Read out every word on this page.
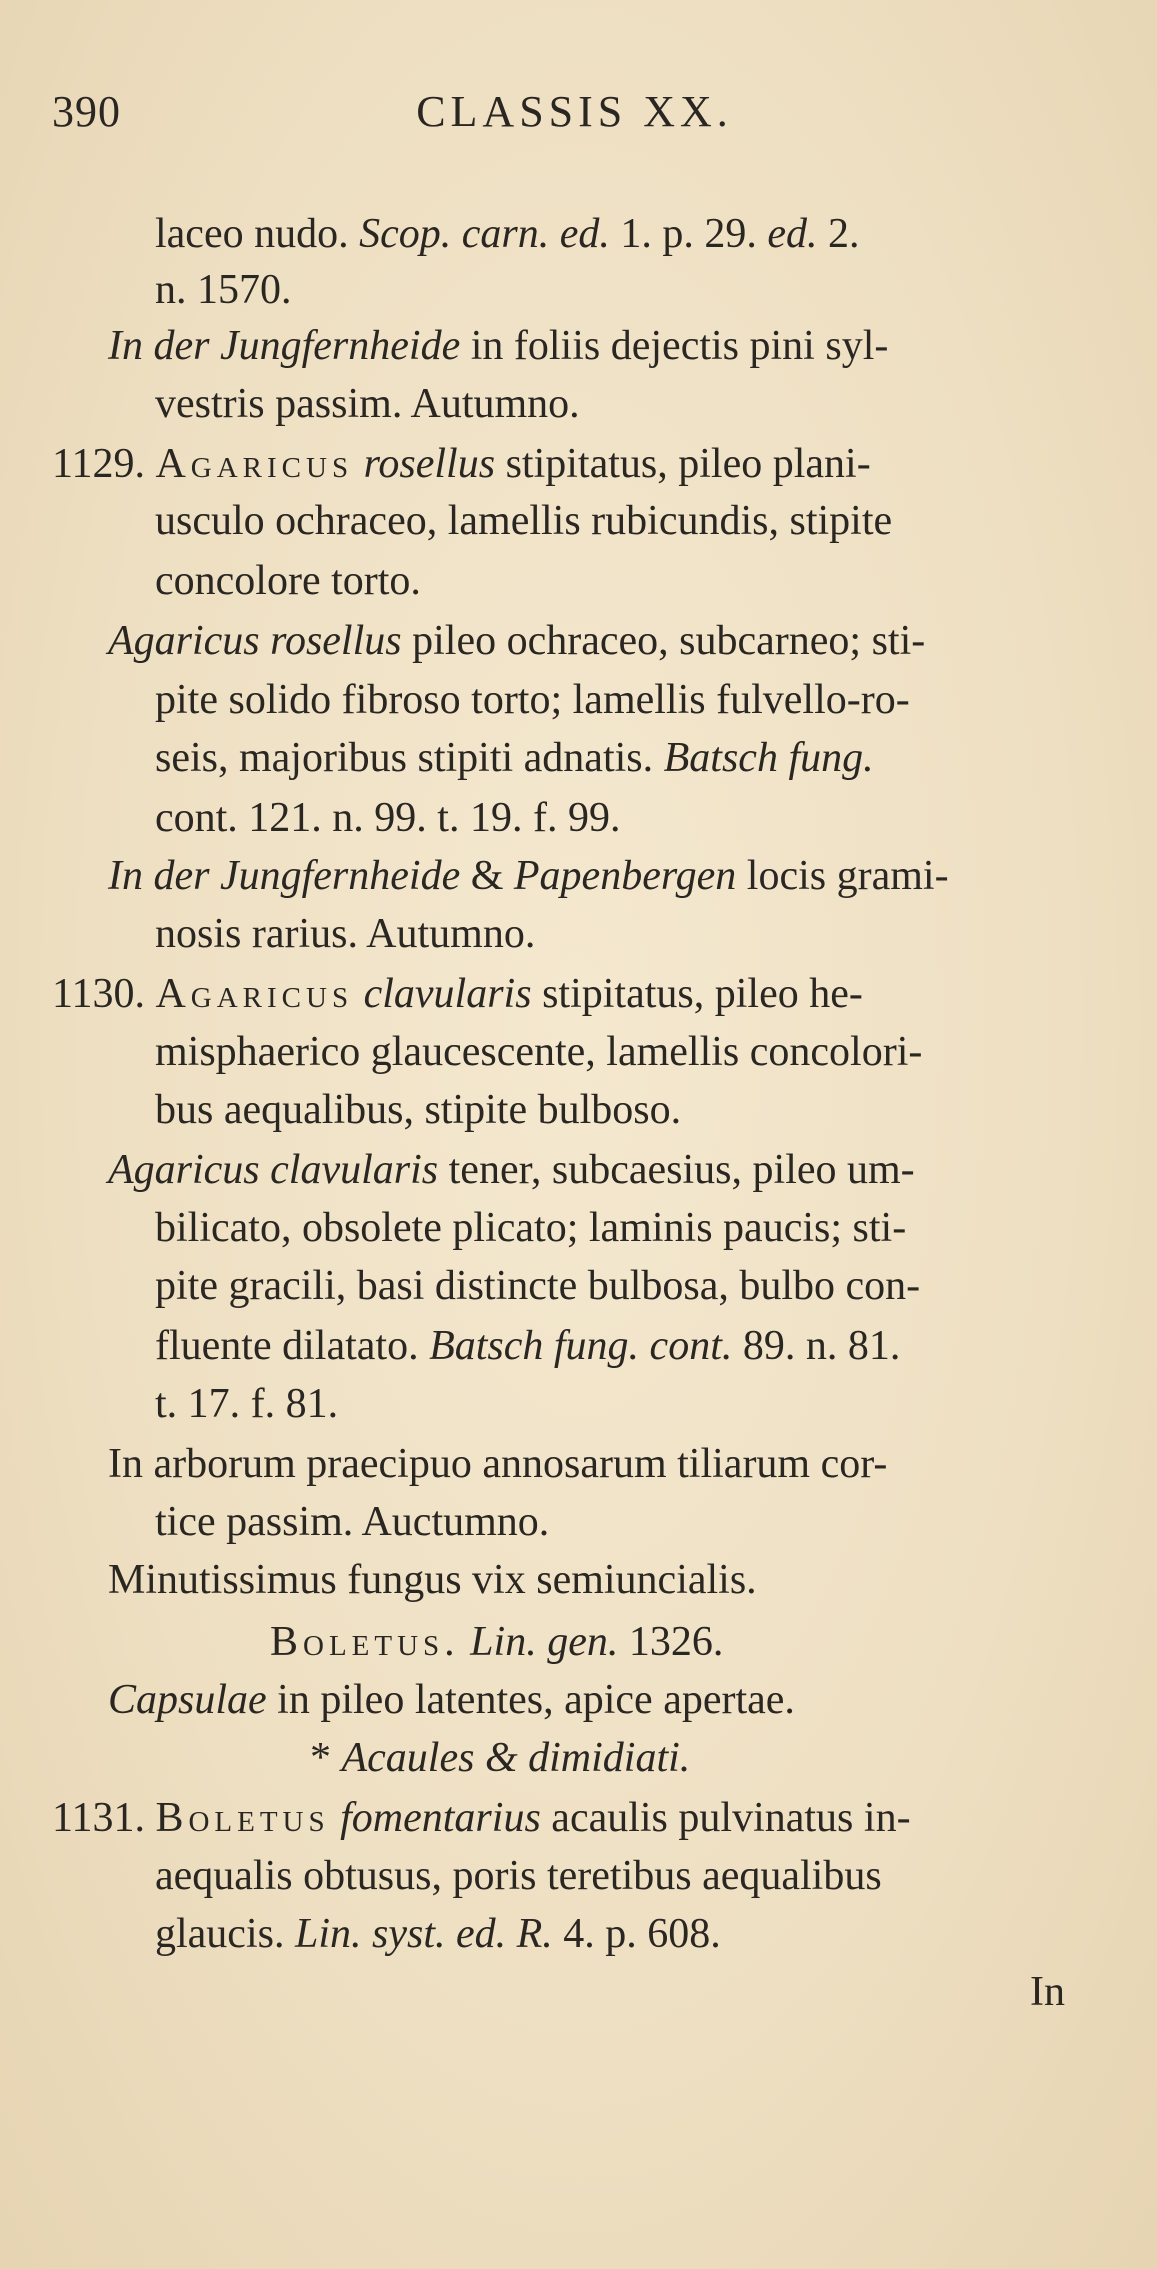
390	CLASSIS XX.
laceo nudo. Scop. carn. ed. 1. p. 29. ed. 2.
n. 1570.
In der Jungfernheide in foliis dejectis pini syl-
vestris passim. Autumno.
1129. Agaricus rosellus stipitatus, pileo plani-
usculo ochraceo, lamellis rubicundis, stipite
concolore torto.
Agaricus rosellus pileo ochraceo, subcarneo; sti-
pite solido fibroso torto; lamellis fulvello-ro-
seis, majoribus stipiti adnatis. Batsch fung.
cont. 121. n. 99. t. 19. f. 99.
In der Jungfernheide & Papenbergen locis grami-
nosis rarius. Autumno.
1130. Agaricus clavularis stipitatus, pileo he-
misphaerico glaucescente, lamellis concolori-
bus aequalibus, stipite bulboso.
Agaricus clavularis tener, subcaesius, pileo um-
bilicato, obsolete plicato; laminis paucis; sti-
pite gracili, basi distincte bulbosa, bulbo con-
fluente dilatato. Batsch fung. cont. 89. n. 81.
t. 17. f. 81.
In arborum praecipuo annosarum tiliarum cor-
tice passim. Auctumno.
Minutissimus fungus vix semiuncialis.
Boletus. Lin. gen. 1326.
Capsulae in pileo latentes, apice apertae.
* Acaules & dimidiati.
1131. Boletus fomentarius acaulis pulvinatus in-
aequalis obtusus, poris teretibus aequalibus
glaucis. Lin. syst. ed. R. 4. p. 608.
In
